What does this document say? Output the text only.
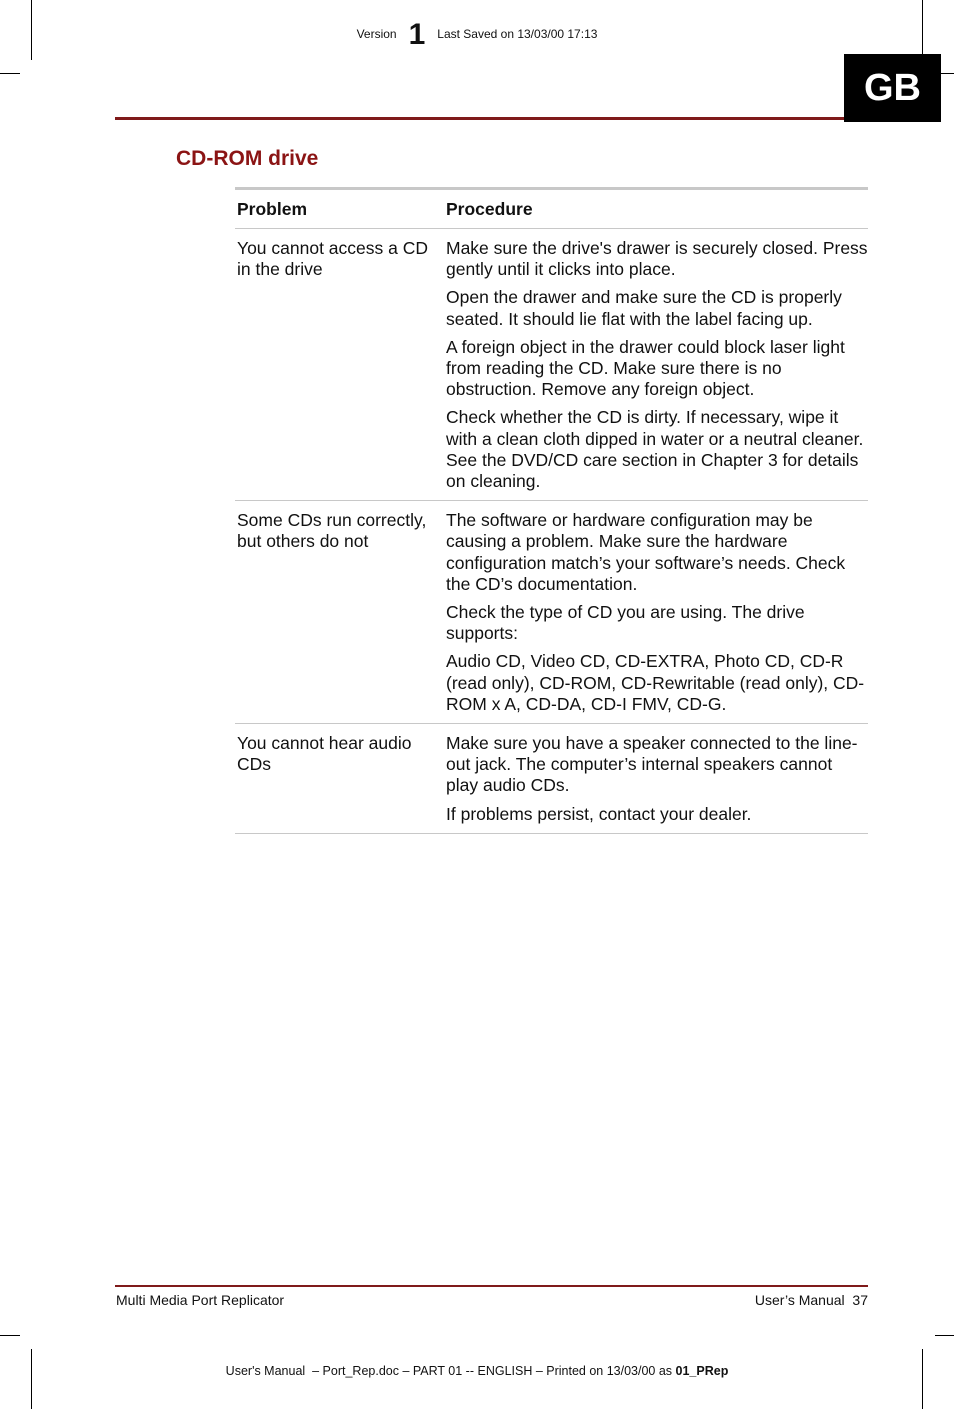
Version 1 Last Saved on 13/03/00 17:13
GB
CD-ROM drive
Problem	Procedure
You cannot access a CD in the drive

Make sure the drive's drawer is securely closed. Press gently until it clicks into place.

Open the drawer and make sure the CD is properly seated. It should lie flat with the label facing up.

A foreign object in the drawer could block laser light from reading the CD. Make sure there is no obstruction. Remove any foreign object.

Check whether the CD is dirty. If necessary, wipe it with a clean cloth dipped in water or a neutral cleaner. See the DVD/CD care section in Chapter 3 for details on cleaning.

Some CDs run correctly, but others do not

The software or hardware configuration may be causing a problem. Make sure the hardware configuration match’s your software’s needs. Check the CD’s documentation.

Check the type of CD you are using. The drive supports:

Audio CD, Video CD, CD-EXTRA, Photo CD, CD-R (read only), CD-ROM, CD-Rewritable (read only), CD-ROM x A, CD-DA, CD-I FMV, CD-G.

You cannot hear audio CDs

Make sure you have a speaker connected to the line-out jack. The computer’s internal speakers cannot play audio CDs.

If problems persist, contact your dealer.

Multi Media Port Replicator	User’s Manual  37
User's Manual  – Port_Rep.doc – PART 01 -- ENGLISH – Printed on 13/03/00 as 01_PRep
